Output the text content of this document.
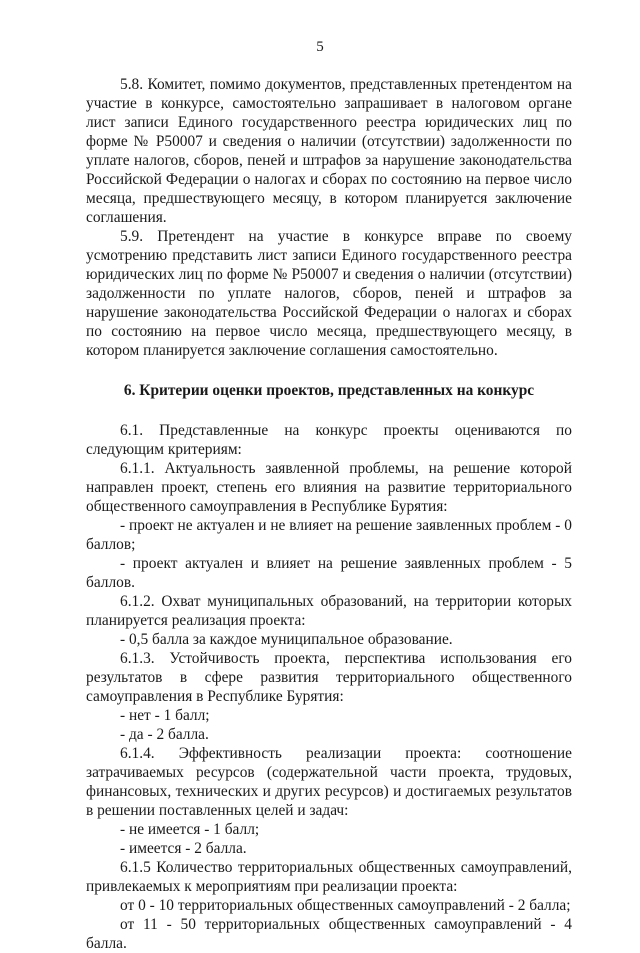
5

5.8. Комитет, помимо документов, представленных претендентом на участие в конкурсе, самостоятельно запрашивает в налоговом органе лист записи Единого государственного реестра юридических лиц по форме № Р50007 и сведения о наличии (отсутствии) задолженности по уплате налогов, сборов, пеней и штрафов за нарушение законодательства Российской Федерации о налогах и сборах по состоянию на первое число месяца, предшествующего месяцу, в котором планируется заключение соглашения.

5.9. Претендент на участие в конкурсе вправе по своему усмотрению представить лист записи Единого государственного реестра юридических лиц по форме № Р50007 и сведения о наличии (отсутствии) задолженности по уплате налогов, сборов, пеней и штрафов за нарушение законодательства Российской Федерации о налогах и сборах по состоянию на первое число месяца, предшествующего месяцу, в котором планируется заключение соглашения самостоятельно.

6. Критерии оценки проектов, представленных на конкурс

6.1. Представленные на конкурс проекты оцениваются по следующим критериям:

6.1.1. Актуальность заявленной проблемы, на решение которой направлен проект, степень его влияния на развитие территориального общественного самоуправления в Республике Бурятия:

- проект не актуален и не влияет на решение заявленных проблем - 0 баллов;

- проект актуален и влияет на решение заявленных проблем - 5 баллов.

6.1.2. Охват муниципальных образований, на территории которых планируется реализация проекта:

- 0,5 балла за каждое муниципальное образование.

6.1.3. Устойчивость проекта, перспектива использования его результатов в сфере развития территориального общественного самоуправления в Республике Бурятия:

- нет - 1 балл;

- да - 2 балла.

6.1.4. Эффективность реализации проекта: соотношение затрачиваемых ресурсов (содержательной части проекта, трудовых, финансовых, технических и других ресурсов) и достигаемых результатов в решении поставленных целей и задач:

- не имеется - 1 балл;

- имеется - 2 балла.

6.1.5 Количество территориальных общественных самоуправлений, привлекаемых к мероприятиям при реализации проекта:

от 0 - 10 территориальных общественных самоуправлений - 2 балла;

от 11 - 50 территориальных общественных самоуправлений - 4 балла.
